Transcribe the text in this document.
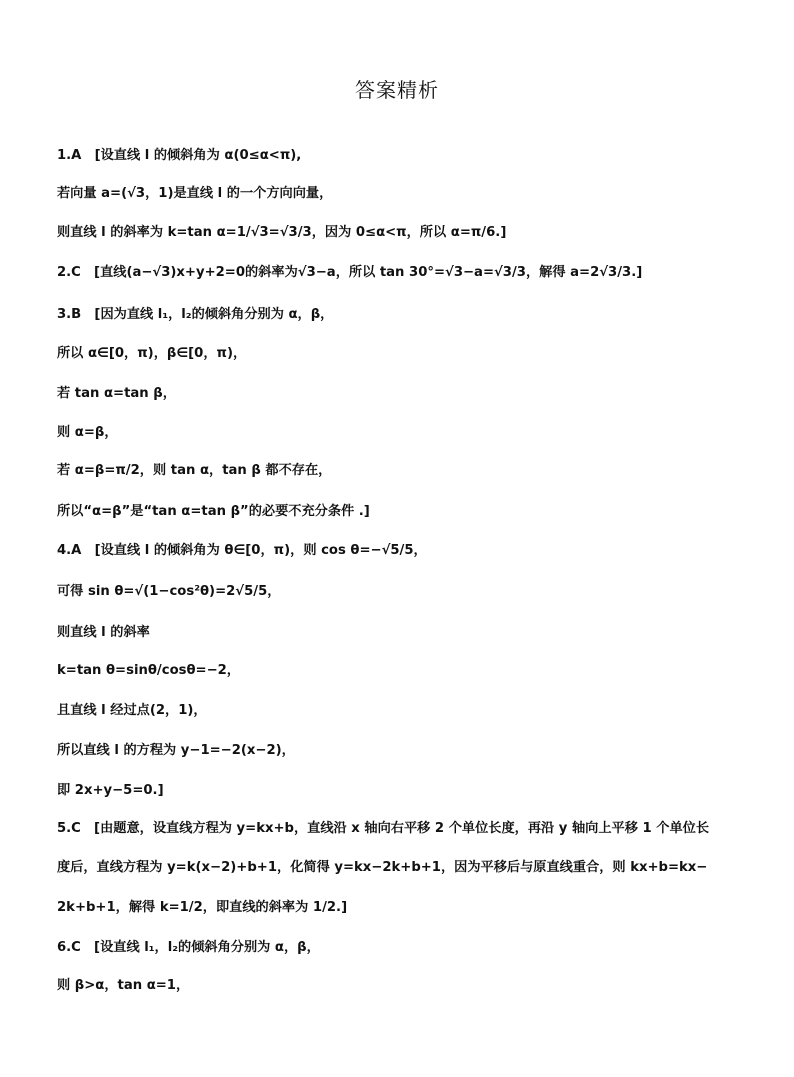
答案精析
1.A　[设直线 l 的倾斜角为 α(0≤α<π),
若向量 a=(√3，1)是直线 l 的一个方向向量，
则直线 l 的斜率为 k=tan α=1/√3=√3/3，因为 0≤α<π，所以 α=π/6.]
2.C　[直线(a−√3)x+y+2=0的斜率为√3−a，所以 tan 30°=√3−a=√3/3，解得 a=2√3/3.]
3.B　[因为直线 l₁，l₂的倾斜角分别为 α，β，
所以 α∈[0，π)，β∈[0，π)，
若 tan α=tan β，
则 α=β，
若 α=β=π/2，则 tan α，tan β 都不存在，
所以“α=β”是“tan α=tan β”的必要不充分条件 .]
4.A　[设直线 l 的倾斜角为 θ∈[0，π)，则 cos θ=−√5/5，
可得 sin θ=√(1−cos²θ)=2√5/5，
则直线 l 的斜率
k=tan θ=sinθ/cosθ=−2，
且直线 l 经过点(2，1)，
所以直线 l 的方程为 y−1=−2(x−2)，
即 2x+y−5=0.]
5.C　[由题意，设直线方程为 y=kx+b，直线沿 x 轴向右平移 2 个单位长度，再沿 y 轴向上平移 1 个单位长
度后，直线方程为 y=k(x−2)+b+1，化简得 y=kx−2k+b+1，因为平移后与原直线重合，则 kx+b=kx−
2k+b+1，解得 k=1/2，即直线的斜率为 1/2.]
6.C　[设直线 l₁，l₂的倾斜角分别为 α，β，
则 β>α，tan α=1，
